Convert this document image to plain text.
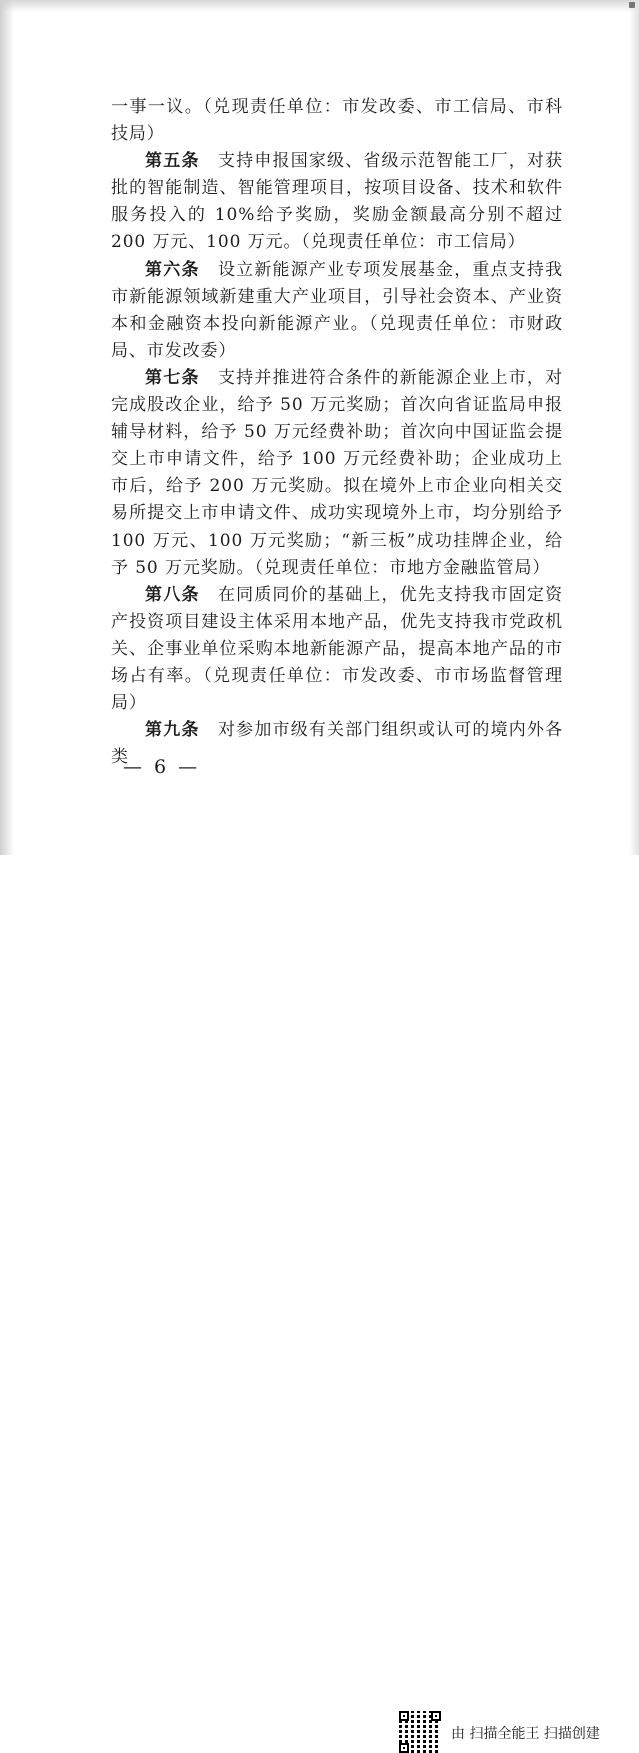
一事一议。（兑现责任单位：市发改委、市工信局、市科技局）

第五条　支持申报国家级、省级示范智能工厂，对获批的智能制造、智能管理项目，按项目设备、技术和软件服务投入的 10%给予奖励，奖励金额最高分别不超过 200 万元、100 万元。（兑现责任单位：市工信局）

第六条　设立新能源产业专项发展基金，重点支持我市新能源领域新建重大产业项目，引导社会资本、产业资本和金融资本投向新能源产业。（兑现责任单位：市财政局、市发改委）

第七条　支持并推进符合条件的新能源企业上市，对完成股改企业，给予 50 万元奖励；首次向省证监局申报辅导材料，给予 50 万元经费补助；首次向中国证监会提交上市申请文件，给予 100 万元经费补助；企业成功上市后，给予 200 万元奖励。拟在境外上市企业向相关交易所提交上市申请文件、成功实现境外上市，均分别给予 100 万元、100 万元奖励；“新三板”成功挂牌企业，给予 50 万元奖励。（兑现责任单位：市地方金融监管局）

第八条　在同质同价的基础上，优先支持我市固定资产投资项目建设主体采用本地产品，优先支持我市党政机关、企事业单位采购本地新能源产品，提高本地产品的市场占有率。（兑现责任单位：市发改委、市市场监督管理局）

第九条　对参加市级有关部门组织或认可的境内外各类

— 6 —
由 扫描全能王 扫描创建
